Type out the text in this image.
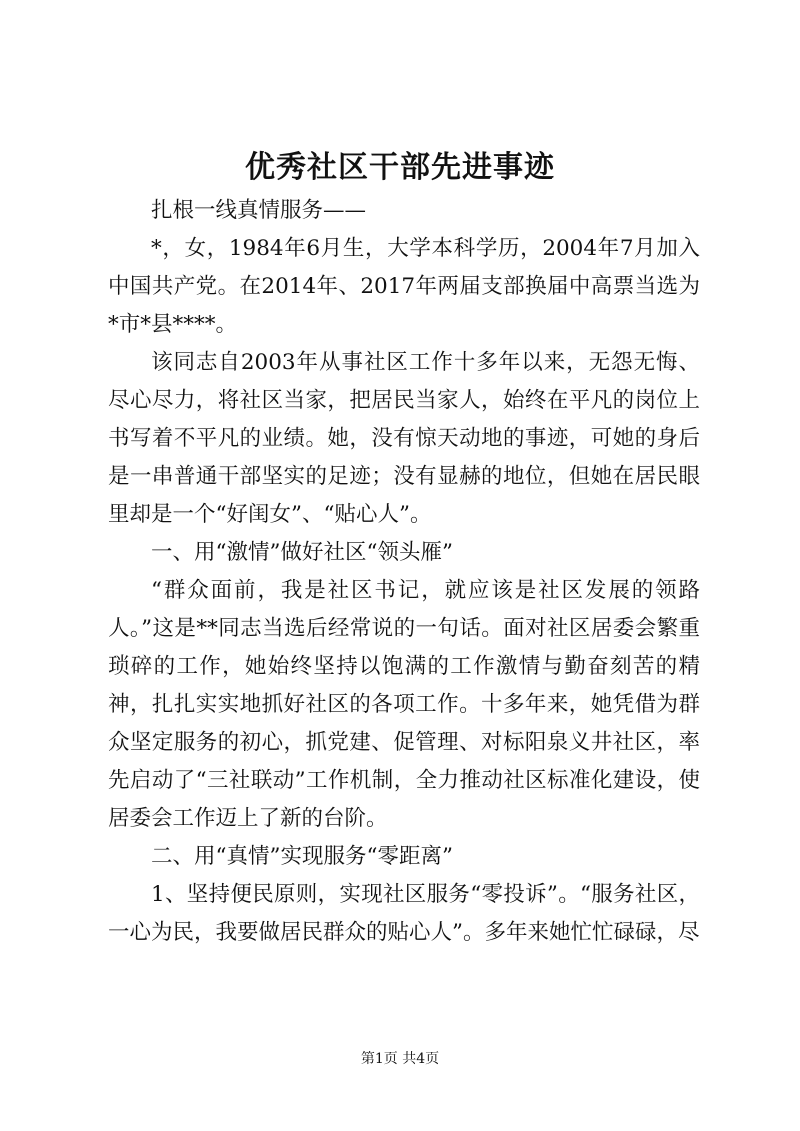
优秀社区干部先进事迹

扎根一线真情服务——

*，女，1984年6月生，大学本科学历，2004年7月加入中国共产党。在2014年、2017年两届支部换届中高票当选为*市*县****。

该同志自2003年从事社区工作十多年以来，无怨无悔、尽心尽力，将社区当家，把居民当家人，始终在平凡的岗位上书写着不平凡的业绩。她，没有惊天动地的事迹，可她的身后是一串普通干部坚实的足迹；没有显赫的地位，但她在居民眼里却是一个“好闺女”、“贴心人”。

一、用“激情”做好社区“领头雁”

“群众面前，我是社区书记，就应该是社区发展的领路人。”这是**同志当选后经常说的一句话。面对社区居委会繁重琐碎的工作，她始终坚持以饱满的工作激情与勤奋刻苦的精神，扎扎实实地抓好社区的各项工作。十多年来，她凭借为群众坚定服务的初心，抓党建、促管理、对标阳泉义井社区，率先启动了“三社联动”工作机制，全力推动社区标准化建设，使居委会工作迈上了新的台阶。

二、用“真情”实现服务“零距离”

1、坚持便民原则，实现社区服务“零投诉”。“服务社区，一心为民，我要做居民群众的贴心人”。多年来她忙忙碌碌，尽

第1页 共4页
